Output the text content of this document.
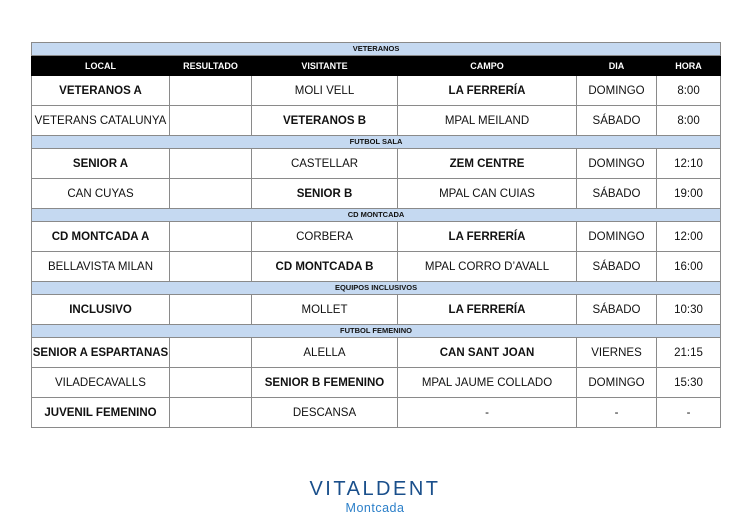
VETERANOS					
LOCAL	RESULTADO	VISITANTE	CAMPO	DIA	HORA
VETERANOS A		MOLI VELL	LA FERRERÍA	DOMINGO	8:00
VETERANS CATALUNYA		VETERANOS B	MPAL MEILAND	SÁBADO	8:00
FUTBOL SALA					
SENIOR A		CASTELLAR	ZEM CENTRE	DOMINGO	12:10
CAN CUYAS		SENIOR B	MPAL CAN CUIAS	SÁBADO	19:00
CD MONTCADA					
CD MONTCADA A		CORBERA	LA FERRERÍA	DOMINGO	12:00
BELLAVISTA MILAN		CD MONTCADA B	MPAL CORRO D’AVALL	SÁBADO	16:00
EQUIPOS INCLUSIVOS					
INCLUSIVO		MOLLET	LA FERRERÍA	SÁBADO	10:30
FUTBOL FEMENINO					
SENIOR A ESPARTANAS		ALELLA	CAN SANT JOAN	VIERNES	21:15
VILADECAVALLS		SENIOR B FEMENINO	MPAL JAUME COLLADO	DOMINGO	15:30
JUVENIL FEMENINO		DESCANSA	-	-	-
VITALDENT
Montcada
